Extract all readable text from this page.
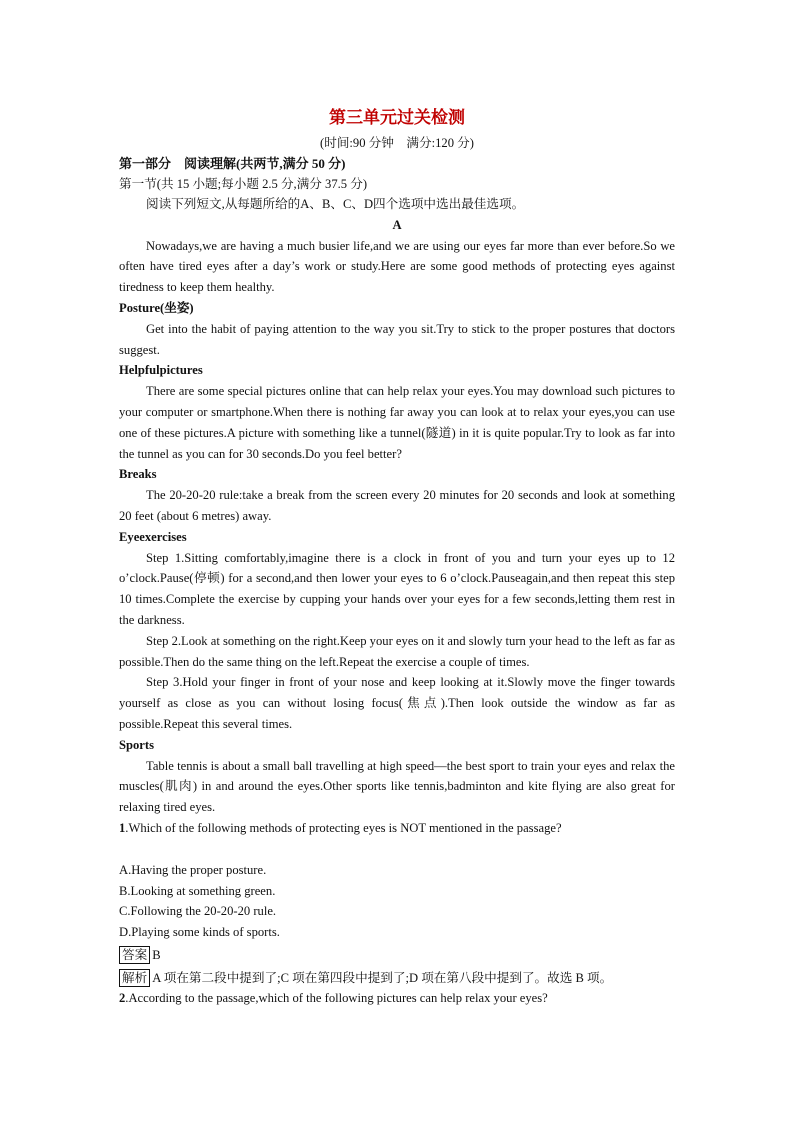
第三单元过关检测
(时间:90 分钟　满分:120 分)
第一部分　阅读理解(共两节,满分 50 分)
第一节(共 15 小题;每小题 2.5 分,满分 37.5 分)

阅读下列短文,从每题所给的A、B、C、D四个选项中选出最佳选项。

A

Nowadays,we are having a much busier life,and we are using our eyes far more than ever before.So we often have tired eyes after a day’s work or study.Here are some good methods of protecting eyes against tiredness to keep them healthy.

Posture(坐姿)

Get into the habit of paying attention to the way you sit.Try to stick to the proper postures that doctors suggest.

Helpfulpictures

There are some special pictures online that can help relax your eyes.You may download such pictures to your computer or smartphone.When there is nothing far away you can look at to relax your eyes,you can use one of these pictures.A picture with something like a tunnel(隧道) in it is quite popular.Try to look as far into the tunnel as you can for 30 seconds.Do you feel better?

Breaks

The 20-20-20 rule:take a break from the screen every 20 minutes for 20 seconds and look at something 20 feet (about 6 metres) away.

Eyeexercises

Step 1.Sitting comfortably,imagine there is a clock in front of you and turn your eyes up to 12 o’clock.Pause(停顿) for a second,and then lower your eyes to 6 o’clock.Pauseagain,and then repeat this step 10 times.Complete the exercise by cupping your hands over your eyes for a few seconds,letting them rest in the darkness.

Step 2.Look at something on the right.Keep your eyes on it and slowly turn your head to the left as far as possible.Then do the same thing on the left.Repeat the exercise a couple of times.

Step 3.Hold your finger in front of your nose and keep looking at it.Slowly move the finger towards yourself as close as you can without losing focus(焦点).Then look outside the window as far as possible.Repeat this several times.

Sports

Table tennis is about a small ball travelling at high speed—the best sport to train your eyes and relax the muscles(肌肉) in and around the eyes.Other sports like tennis,badminton and kite flying are also great for relaxing tired eyes.

1.Which of the following methods of protecting eyes is NOT mentioned in the passage?

A.Having the proper posture.

B.Looking at something green.

C.Following the 20-20-20 rule.

D.Playing some kinds of sports.

答案 B

解析 A 项在第二段中提到了;C 项在第四段中提到了;D 项在第八段中提到了。故选 B 项。

2.According to the passage,which of the following pictures can help relax your eyes?
